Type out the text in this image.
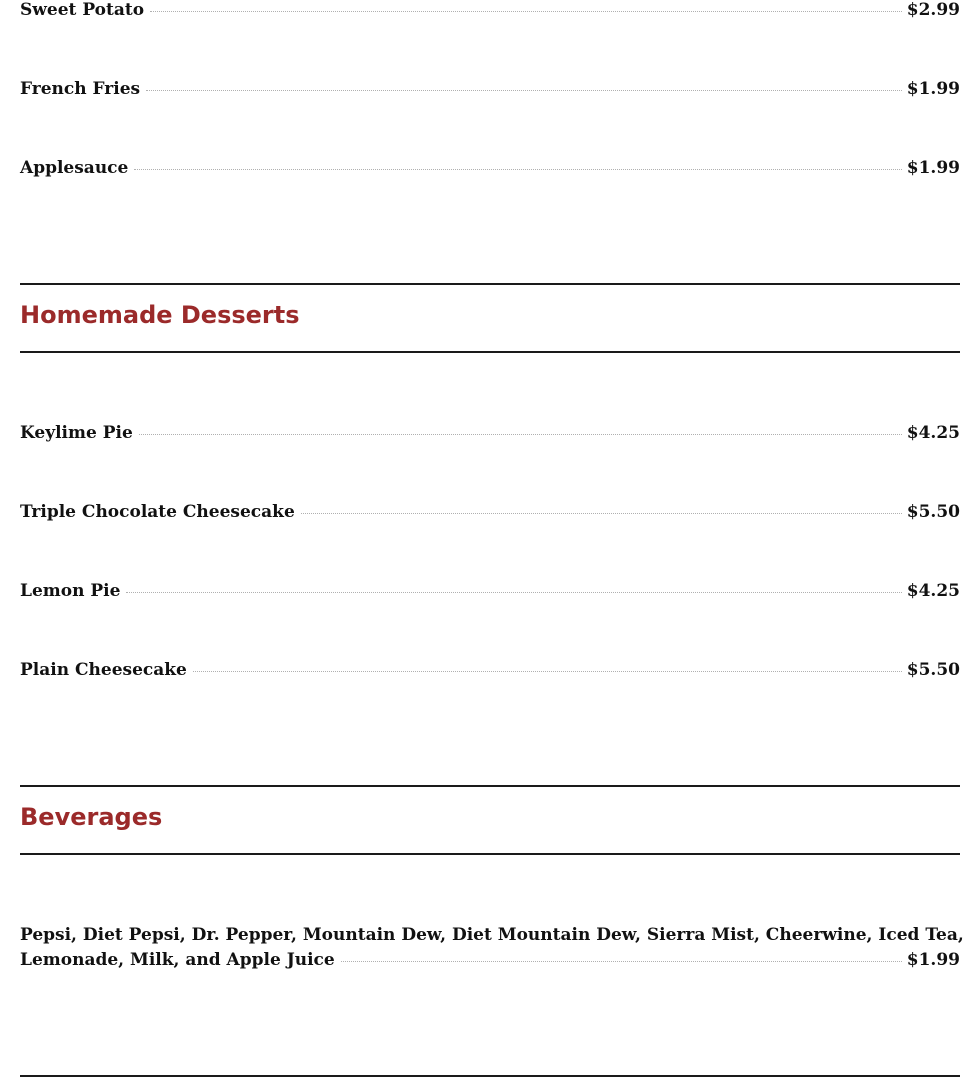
Sweet Potato	$2.99
French Fries	$1.99
Applesauce	$1.99
Homemade Desserts
Keylime Pie	$4.25
Triple Chocolate Cheesecake	$5.50
Lemon Pie	$4.25
Plain Cheesecake	$5.50
Beverages
Pepsi, Diet Pepsi, Dr. Pepper, Mountain Dew, Diet Mountain Dew, Sierra Mist, Cheerwine, Iced Tea,
Lemonade, Milk, and Apple Juice	$1.99
